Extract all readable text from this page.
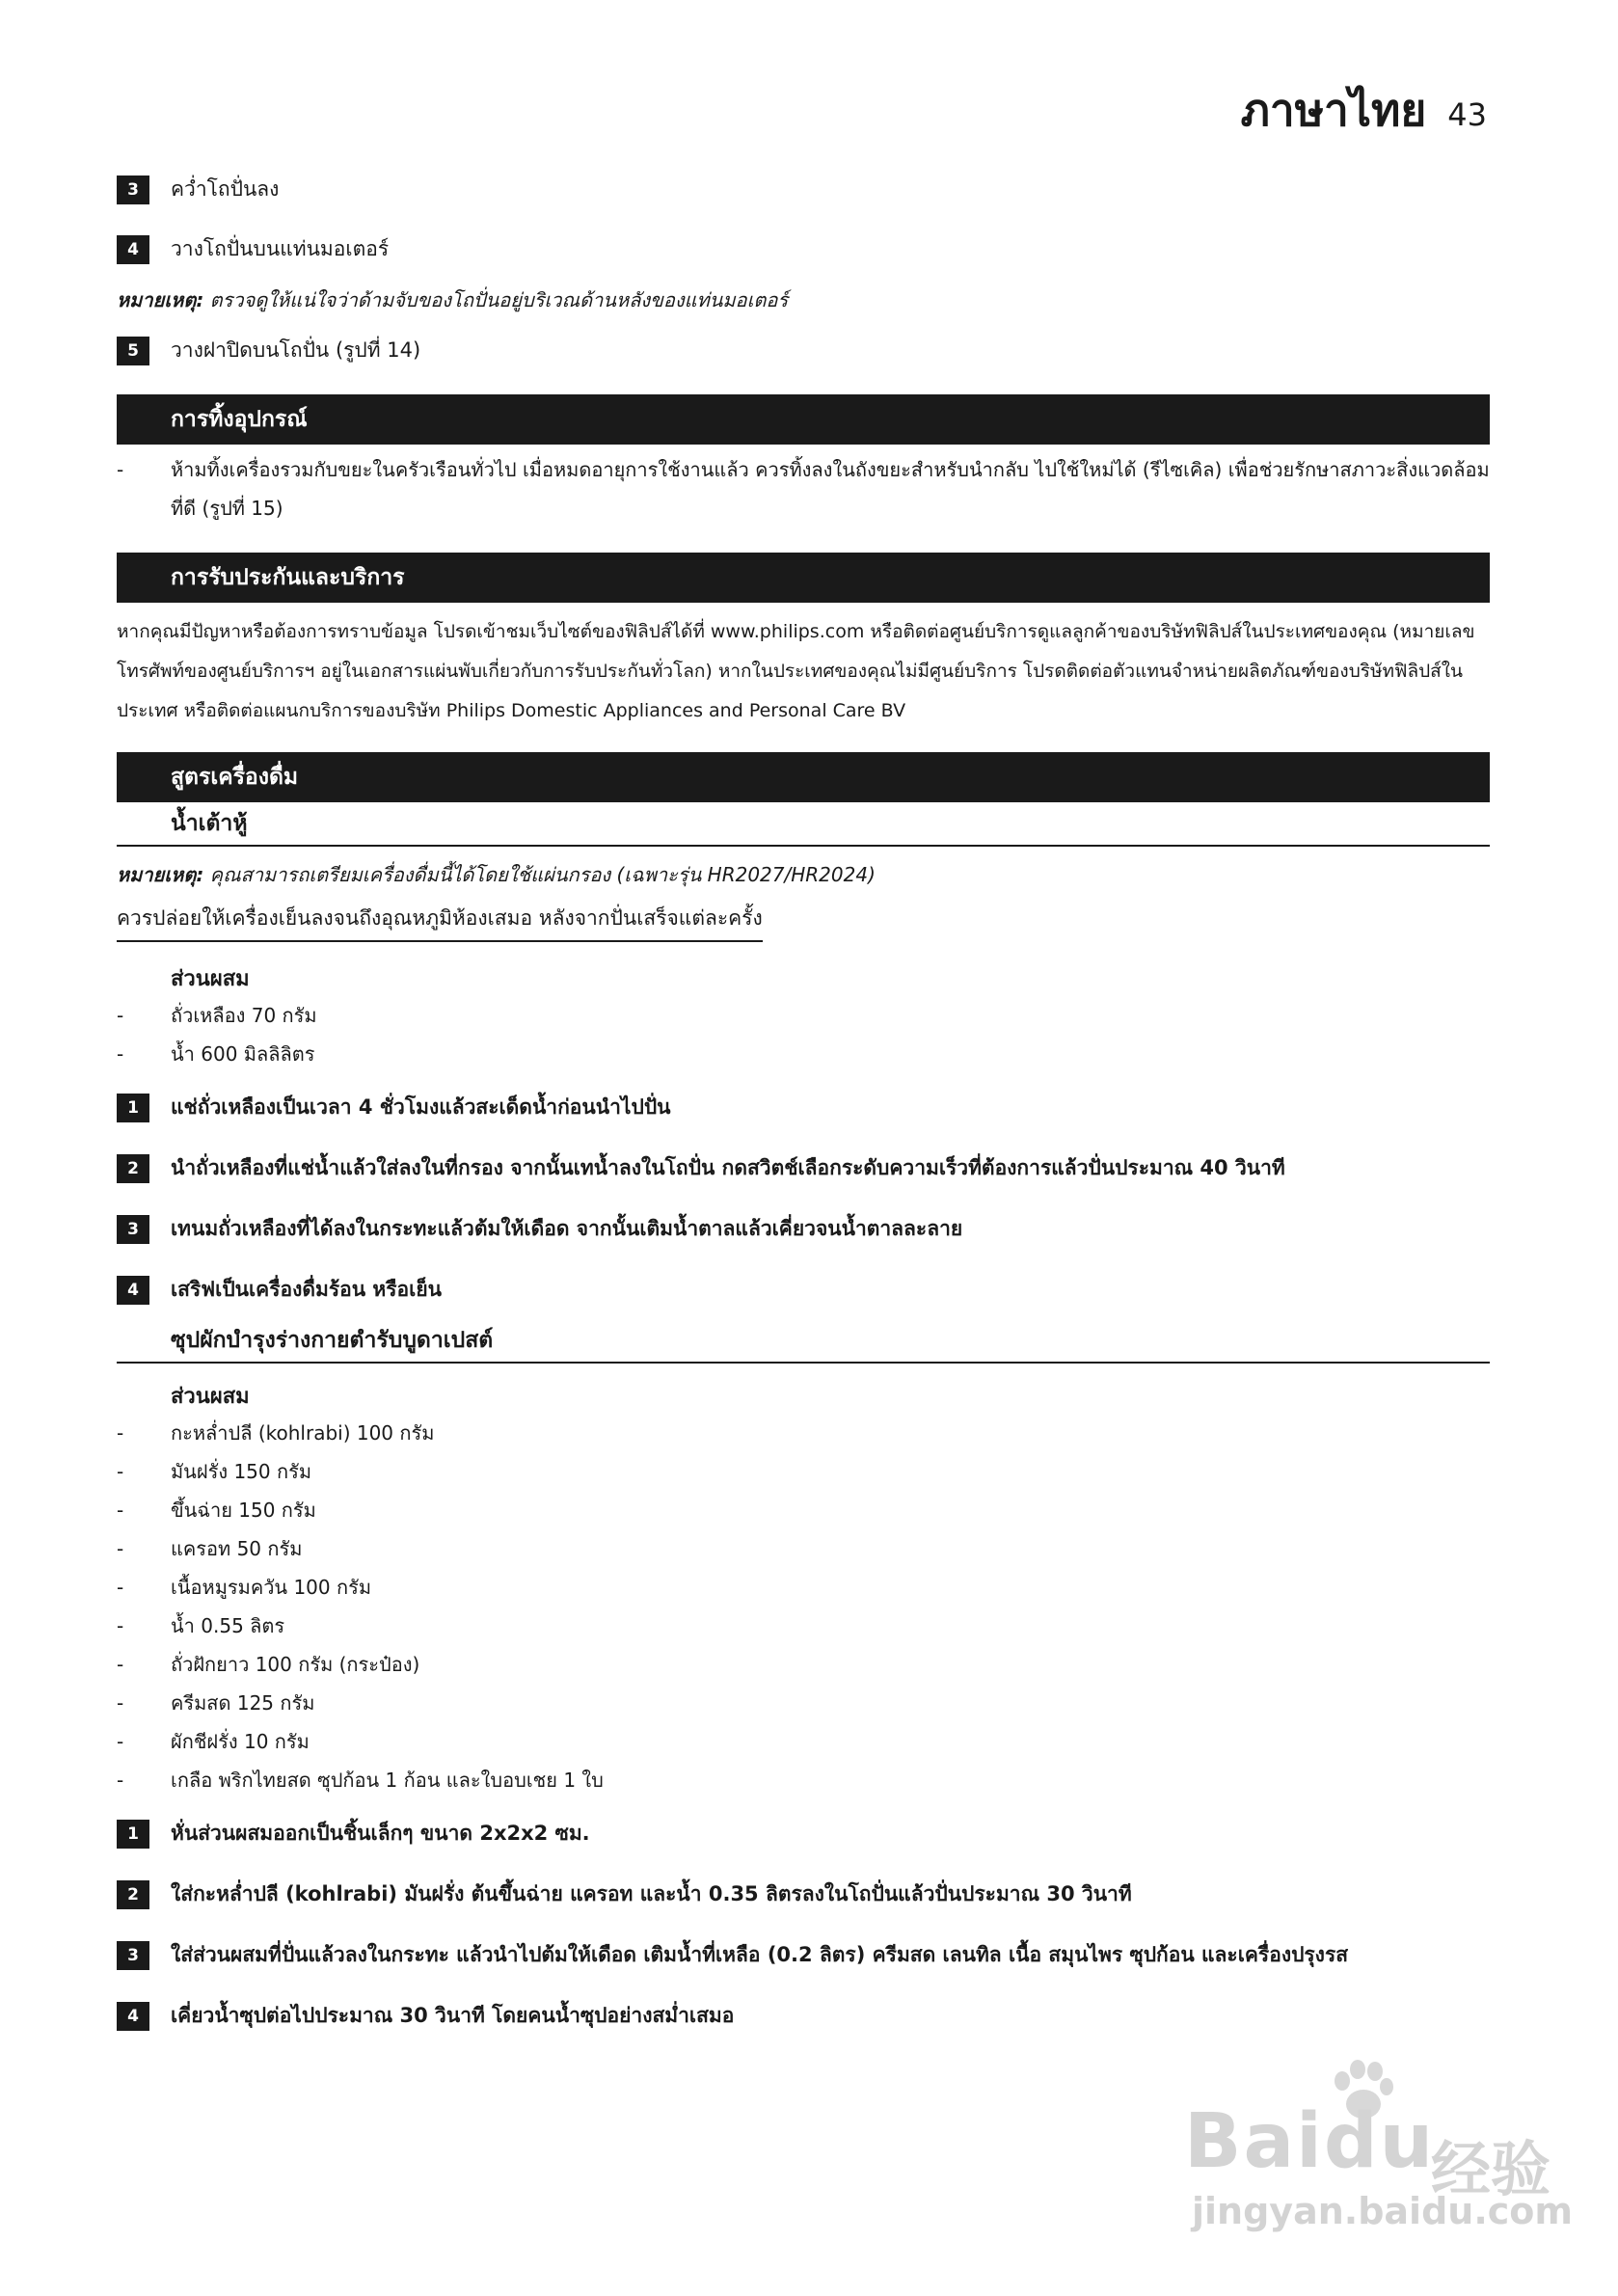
ภาษาไทย 43
3	คว่ำโถปั่นลง
4	วางโถปั่นบนแท่นมอเตอร์
หมายเหตุ: ตรวจดูให้แน่ใจว่าด้ามจับของโถปั่นอยู่บริเวณด้านหลังของแท่นมอเตอร์
5	วางฝาปิดบนโถปั่น (รูปที่ 14)
การทิ้งอุปกรณ์
-	ห้ามทิ้งเครื่องรวมกับขยะในครัวเรือนทั่วไป เมื่อหมดอายุการใช้งานแล้ว ควรทิ้งลงในถังขยะสำหรับนำกลับ ไปใช้ใหม่ได้ (รีไซเคิล) เพื่อช่วยรักษาสภาวะสิ่งแวดล้อมที่ดี (รูปที่ 15)
การรับประกันและบริการ
หากคุณมีปัญหาหรือต้องการทราบข้อมูล โปรดเข้าชมเว็บไซต์ของฟิลิปส์ได้ที่ www.philips.com หรือติดต่อศูนย์บริการดูแลลูกค้าของบริษัทฟิลิปส์ในประเทศของคุณ (หมายเลขโทรศัพท์ของศูนย์บริการฯ อยู่ในเอกสารแผ่นพับเกี่ยวกับการรับประกันทั่วโลก) หากในประเทศของคุณไม่มีศูนย์บริการ โปรดติดต่อตัวแทนจำหน่ายผลิตภัณฑ์ของบริษัทฟิลิปส์ในประเทศ หรือติดต่อแผนกบริการของบริษัท Philips Domestic Appliances and Personal Care BV
สูตรเครื่องดื่ม
น้ำเต้าหู้
หมายเหตุ: คุณสามารถเตรียมเครื่องดื่มนี้ได้โดยใช้แผ่นกรอง (เฉพาะรุ่น HR2027/HR2024)
ควรปล่อยให้เครื่องเย็นลงจนถึงอุณหภูมิห้องเสมอ หลังจากปั่นเสร็จแต่ละครั้ง
ส่วนผสม
-	ถั่วเหลือง 70 กรัม
-	น้ำ 600 มิลลิลิตร
1	แช่ถั่วเหลืองเป็นเวลา 4 ชั่วโมงแล้วสะเด็ดน้ำก่อนนำไปปั่น
2	นำถั่วเหลืองที่แช่น้ำแล้วใส่ลงในที่กรอง จากนั้นเทน้ำลงในโถปั่น กดสวิตช์เลือกระดับความเร็วที่ต้องการแล้วปั่นประมาณ 40 วินาที
3	เทนมถั่วเหลืองที่ได้ลงในกระทะแล้วต้มให้เดือด จากนั้นเติมน้ำตาลแล้วเคี่ยวจนน้ำตาลละลาย
4	เสริฟเป็นเครื่องดื่มร้อน หรือเย็น
ซุปผักบำรุงร่างกายตำรับบูดาเปสต์
ส่วนผสม
-	กะหล่ำปลี (kohlrabi) 100 กรัม
-	มันฝรั่ง 150 กรัม
-	ขึ้นฉ่าย 150 กรัม
-	แครอท 50 กรัม
-	เนื้อหมูรมควัน 100 กรัม
-	น้ำ 0.55 ลิตร
-	ถั่วฝักยาว 100 กรัม (กระป๋อง)
-	ครีมสด 125 กรัม
-	ผักชีฝรั่ง 10 กรัม
-	เกลือ พริกไทยสด ซุปก้อน 1 ก้อน และใบอบเชย 1 ใบ
1	หั่นส่วนผสมออกเป็นชิ้นเล็กๆ ขนาด 2x2x2 ซม.
2	ใส่กะหล่ำปลี (kohlrabi) มันฝรั่ง ต้นขึ้นฉ่าย แครอท และน้ำ 0.35 ลิตรลงในโถปั่นแล้วปั่นประมาณ 30 วินาที
3	ใส่ส่วนผสมที่ปั่นแล้วลงในกระทะ แล้วนำไปต้มให้เดือด เติมน้ำที่เหลือ (0.2 ลิตร) ครีมสด เลนทิล เนื้อ สมุนไพร ซุปก้อน และเครื่องปรุงรส
4	เคี่ยวน้ำซุปต่อไปประมาณ 30 วินาที โดยคนน้ำซุปอย่างสม่ำเสมอ
Baidu
经验
jingyan.baidu.com
